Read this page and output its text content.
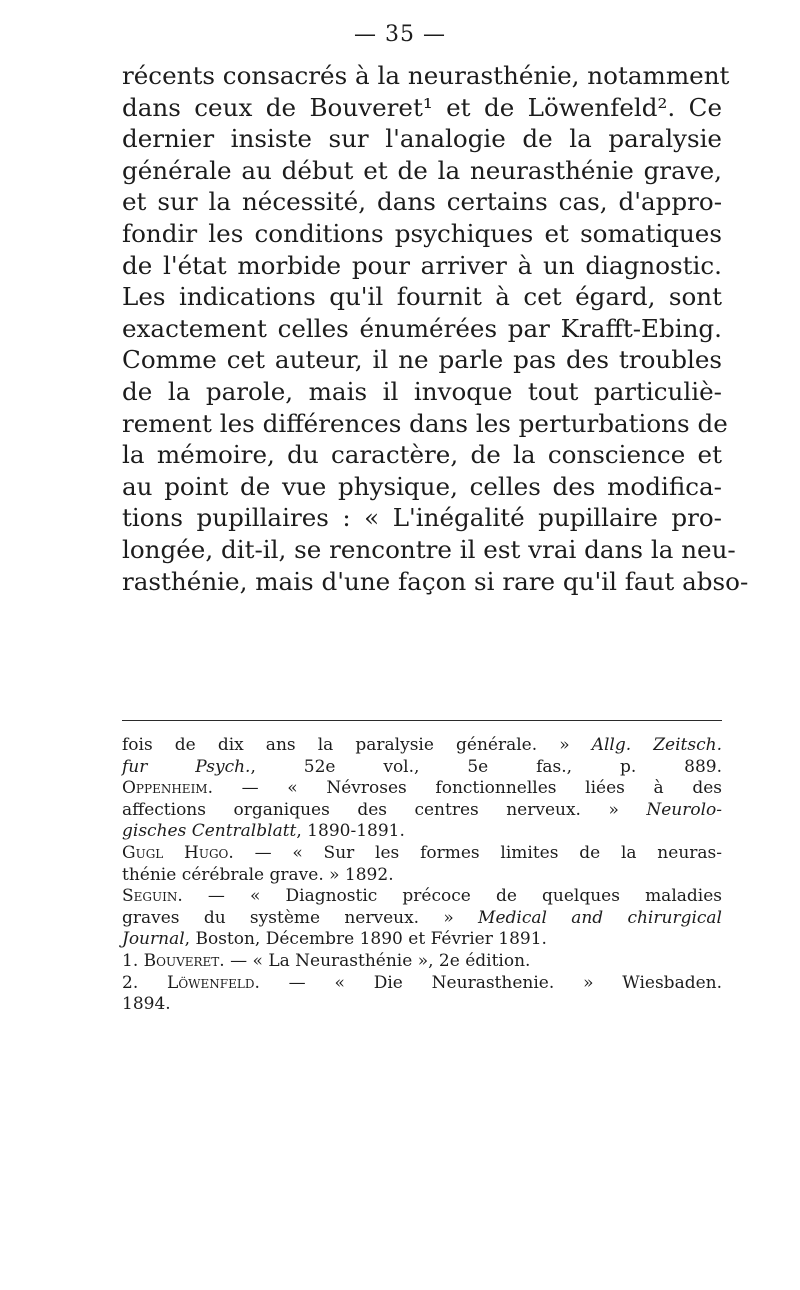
— 35 —
récents consacrés à la neurasthénie, notamment
dans ceux de Bouveret¹ et de Löwenfeld². Ce
dernier insiste sur l'analogie de la paralysie
générale au début et de la neurasthénie grave,
et sur la nécessité, dans certains cas, d'appro-
fondir les conditions psychiques et somatiques
de l'état morbide pour arriver à un diagnostic.
Les indications qu'il fournit à cet égard, sont
exactement celles énumérées par Krafft-Ebing.
Comme cet auteur, il ne parle pas des troubles
de la parole, mais il invoque tout particuliè-
rement les différences dans les perturbations de
la mémoire, du caractère, de la conscience et
au point de vue physique, celles des modifica-
tions pupillaires : « L'inégalité pupillaire pro-
longée, dit-il, se rencontre il est vrai dans la neu-
rasthénie, mais d'une façon si rare qu'il faut abso-
fois de dix ans la paralysie générale. » Allg. Zeitsch.
fur Psych., 52e vol., 5e fas., p. 889.
Oppenheim. — « Névroses fonctionnelles liées à des
affections organiques des centres nerveux. » Neurolo-
gisches Centralblatt, 1890-1891.
Gugl Hugo. — « Sur les formes limites de la neuras-
thénie cérébrale grave. » 1892.
Seguin. — « Diagnostic précoce de quelques maladies
graves du système nerveux. » Medical and chirurgical
Journal, Boston, Décembre 1890 et Février 1891.
1. Bouveret. — « La Neurasthénie », 2e édition.
2. Löwenfeld. — « Die Neurasthenie. » Wiesbaden.
1894.
